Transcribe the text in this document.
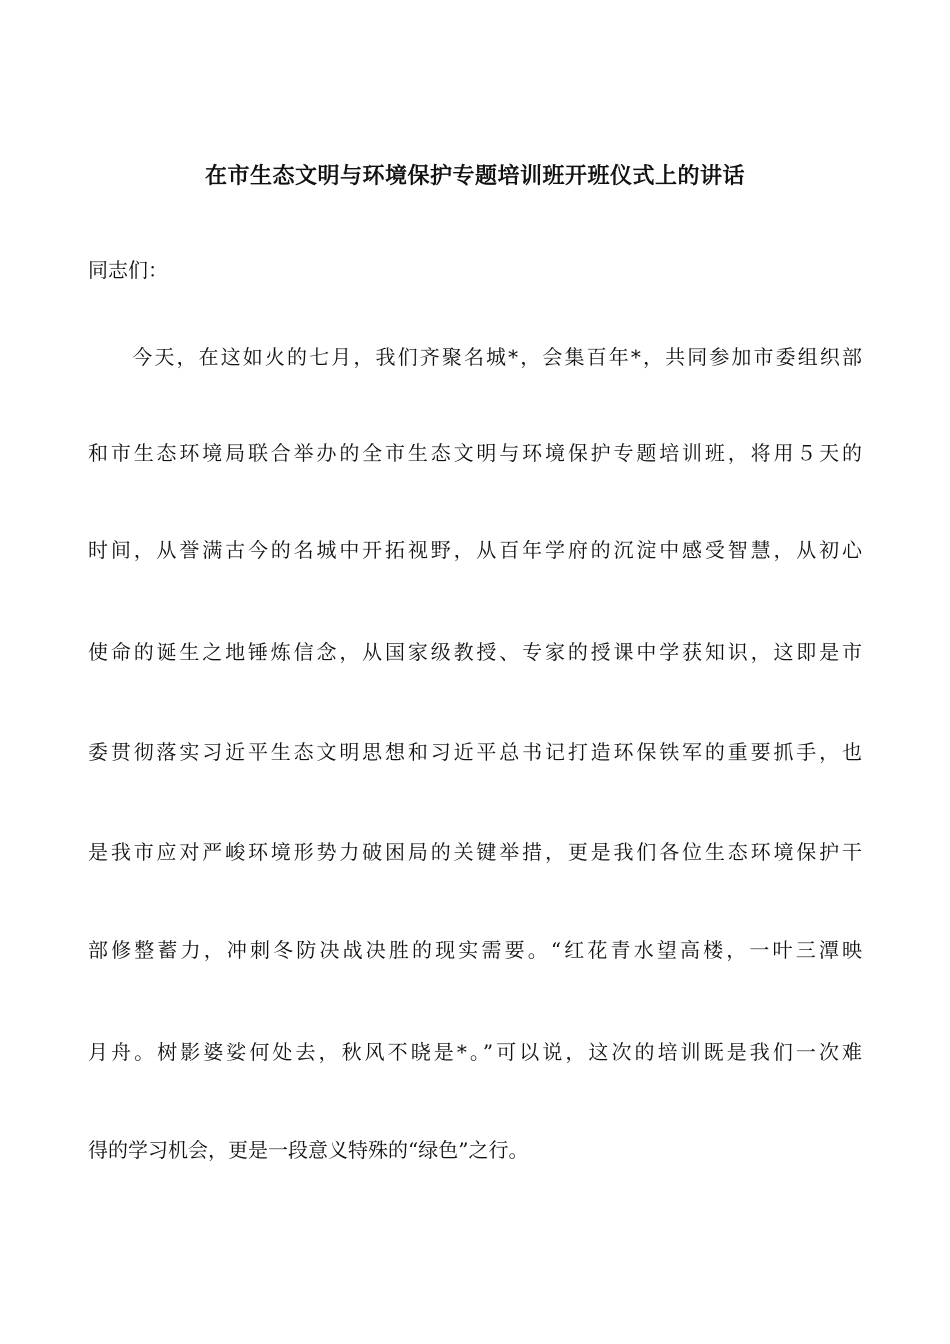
在市生态文明与环境保护专题培训班开班仪式上的讲话
同志们：
　　今天，在这如火的七月，我们齐聚名城*，会集百年*，共同参加市委组织部
和市生态环境局联合举办的全市生态文明与环境保护专题培训班，将用５天的
时间，从誉满古今的名城中开拓视野，从百年学府的沉淀中感受智慧，从初心
使命的诞生之地锤炼信念，从国家级教授、专家的授课中学获知识，这即是市
委贯彻落实习近平生态文明思想和习近平总书记打造环保铁军的重要抓手，也
是我市应对严峻环境形势力破困局的关键举措，更是我们各位生态环境保护干
部修整蓄力，冲刺冬防决战决胜的现实需要。“红花青水望高楼，一叶三潭映
月舟。树影婆娑何处去，秋风不晓是*。”可以说，这次的培训既是我们一次难
得的学习机会，更是一段意义特殊的“绿色”之行。
